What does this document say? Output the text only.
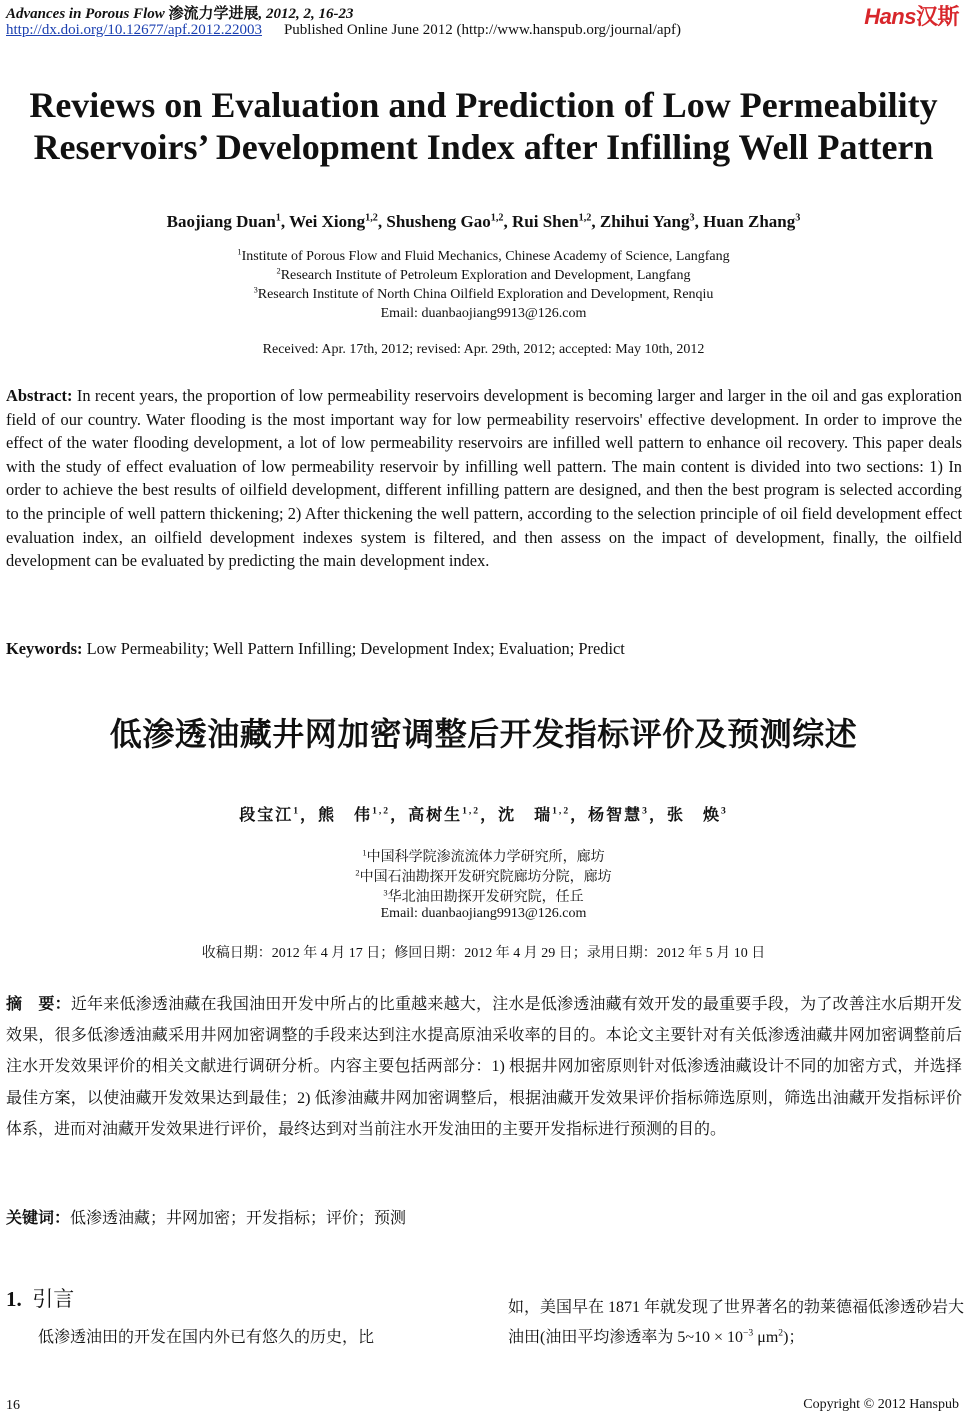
Advances in Porous Flow 渗流力学进展, 2012, 2, 16-23	Hans汉斯
http://dx.doi.org/10.12677/apf.2012.22003 Published Online June 2012 (http://www.hanspub.org/journal/apf)
Reviews on Evaluation and Prediction of Low Permeability
Reservoirs’ Development Index after Infilling Well Pattern
Baojiang Duan$^1$, Wei Xiong$^{1,2}$, Shusheng Gao$^{1,2}$, Rui Shen$^{1,2}$, Zhihui Yang$^3$, Huan Zhang$^3$
$^1$Institute of Porous Flow and Fluid Mechanics, Chinese Academy of Science, Langfang
$^2$Research Institute of Petroleum Exploration and Development, Langfang
$^3$Research Institute of North China Oilfield Exploration and Development, Renqiu
Email: duanbaojiang9913@126.com
Received: Apr. 17th, 2012; revised: Apr. 29th, 2012; accepted: May 10th, 2012
Abstract: In recent years, the proportion of low permeability reservoirs development is becoming larger and larger in the oil and gas exploration field of our country. Water flooding is the most important way for low permeability reservoirs' effective development. In order to improve the effect of the water flooding development, a lot of low permeability reservoirs are infilled well pattern to enhance oil recovery. This paper deals with the study of effect evaluation of low permeability reservoir by infilling well pattern. The main content is divided into two sections: 1) In order to achieve the best results of oilfield development, different infilling pattern are designed, and then the best program is selected according to the principle of well pattern thickening; 2) After thickening the well pattern, according to the selection principle of oil field development effect evaluation index, an oilfield development indexes system is filtered, and then assess on the impact of development, finally, the oilfield development can be evaluated by predicting the main development index.
Keywords: Low Permeability; Well Pattern Infilling; Development Index; Evaluation; Predict
低渗透油藏井网加密调整后开发指标评价及预测综述
段宝江$^1$，熊　伟$^{1,2}$，高树生$^{1,2}$，沈　瑞$^{1,2}$，杨智慧$^3$，张　焕$^3$
$^1$中国科学院渗流流体力学研究所，廊坊
$^2$中国石油勘探开发研究院廊坊分院，廊坊
$^3$华北油田勘探开发研究院，任丘
Email: duanbaojiang9913@126.com
收稿日期：2012 年 4 月 17 日；修回日期：2012 年 4 月 29 日；录用日期：2012 年 5 月 10 日
摘　要：近年来低渗透油藏在我国油田开发中所占的比重越来越大，注水是低渗透油藏有效开发的最重要手段，为了改善注水后期开发效果，很多低渗透油藏采用井网加密调整的手段来达到注水提高原油采收率的目的。本论文主要针对有关低渗透油藏井网加密调整前后注水开发效果评价的相关文献进行调研分析。内容主要包括两部分：1) 根据井网加密原则针对低渗透油藏设计不同的加密方式，并选择最佳方案，以使油藏开发效果达到最佳；2) 低渗油藏井网加密调整后，根据油藏开发效果评价指标筛选原则，筛选出油藏开发指标评价体系，进而对油藏开发效果进行评价，最终达到对当前注水开发油田的主要开发指标进行预测的目的。
关键词：低渗透油藏；井网加密；开发指标；评价；预测
1. 引言
低渗透油田的开发在国内外已有悠久的历史，比
如，美国早在 1871 年就发现了世界著名的勃莱德福低渗透砂岩大油田(油田平均渗透率为 5~10 × $10^{-3}$ $\mu m^2$)；
16	Copyright © 2012 Hanspub
